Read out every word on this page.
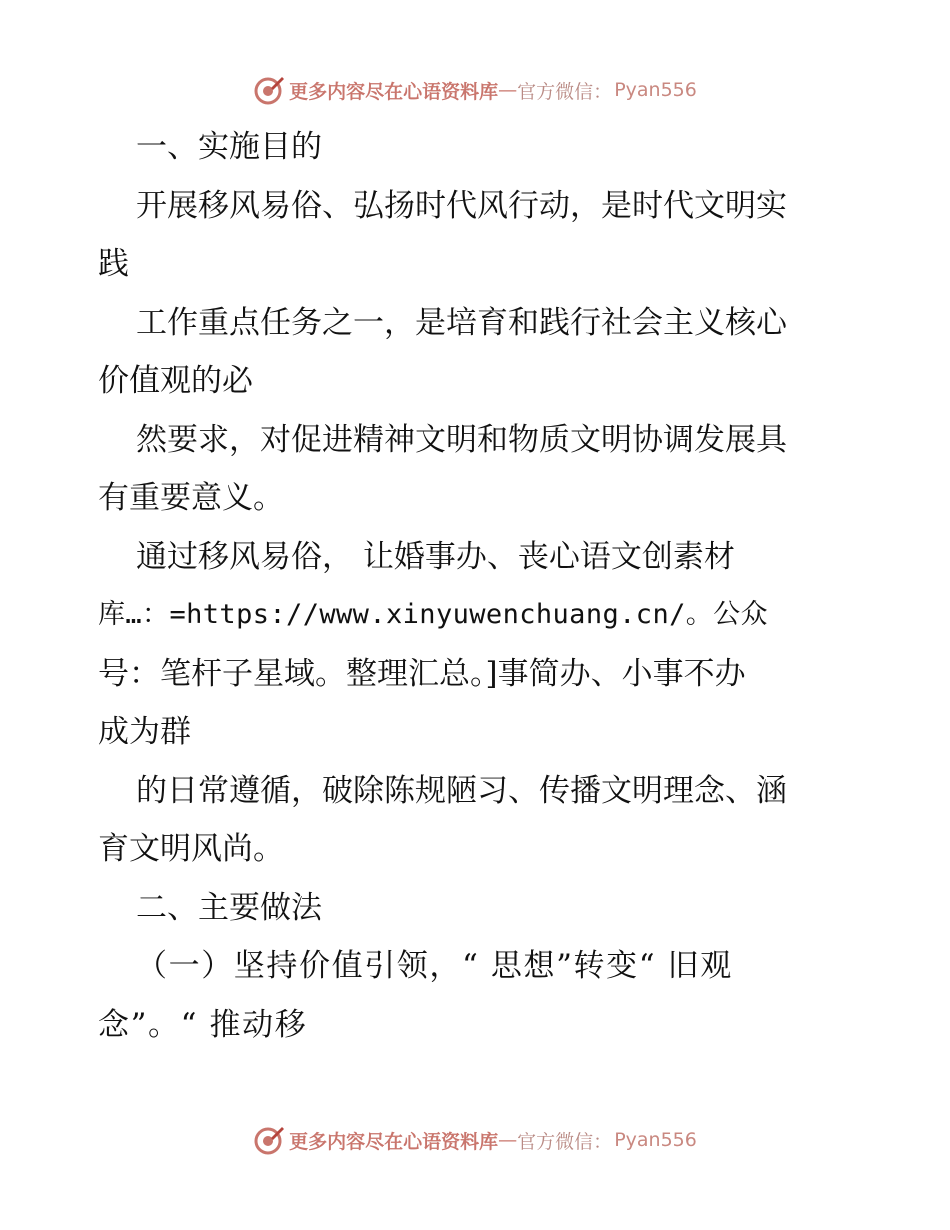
更多内容尽在心语资料库 — 官方微信： Pyan556
一、实施目的
开展移风易俗、弘扬时代风行动，是时代文明实
践
工作重点任务之一，是培育和践行社会主义核心
价值观的必
然要求，对促进精神文明和物质文明协调发展具
有重要意义。
通过移风易俗， 让婚事办、丧心语文创素材
库…：=https://www.xinyuwenchuang.cn/。公众
号：笔杆子星域。整理汇总。]事简办、小事不办
成为群
的日常遵循，破除陈规陋习、传播文明理念、涵
育文明风尚。
二、主要做法
（一）坚持价值引领，“ 思想”转变“ 旧观
念”。“ 推动移
更多内容尽在心语资料库 — 官方微信： Pyan556
